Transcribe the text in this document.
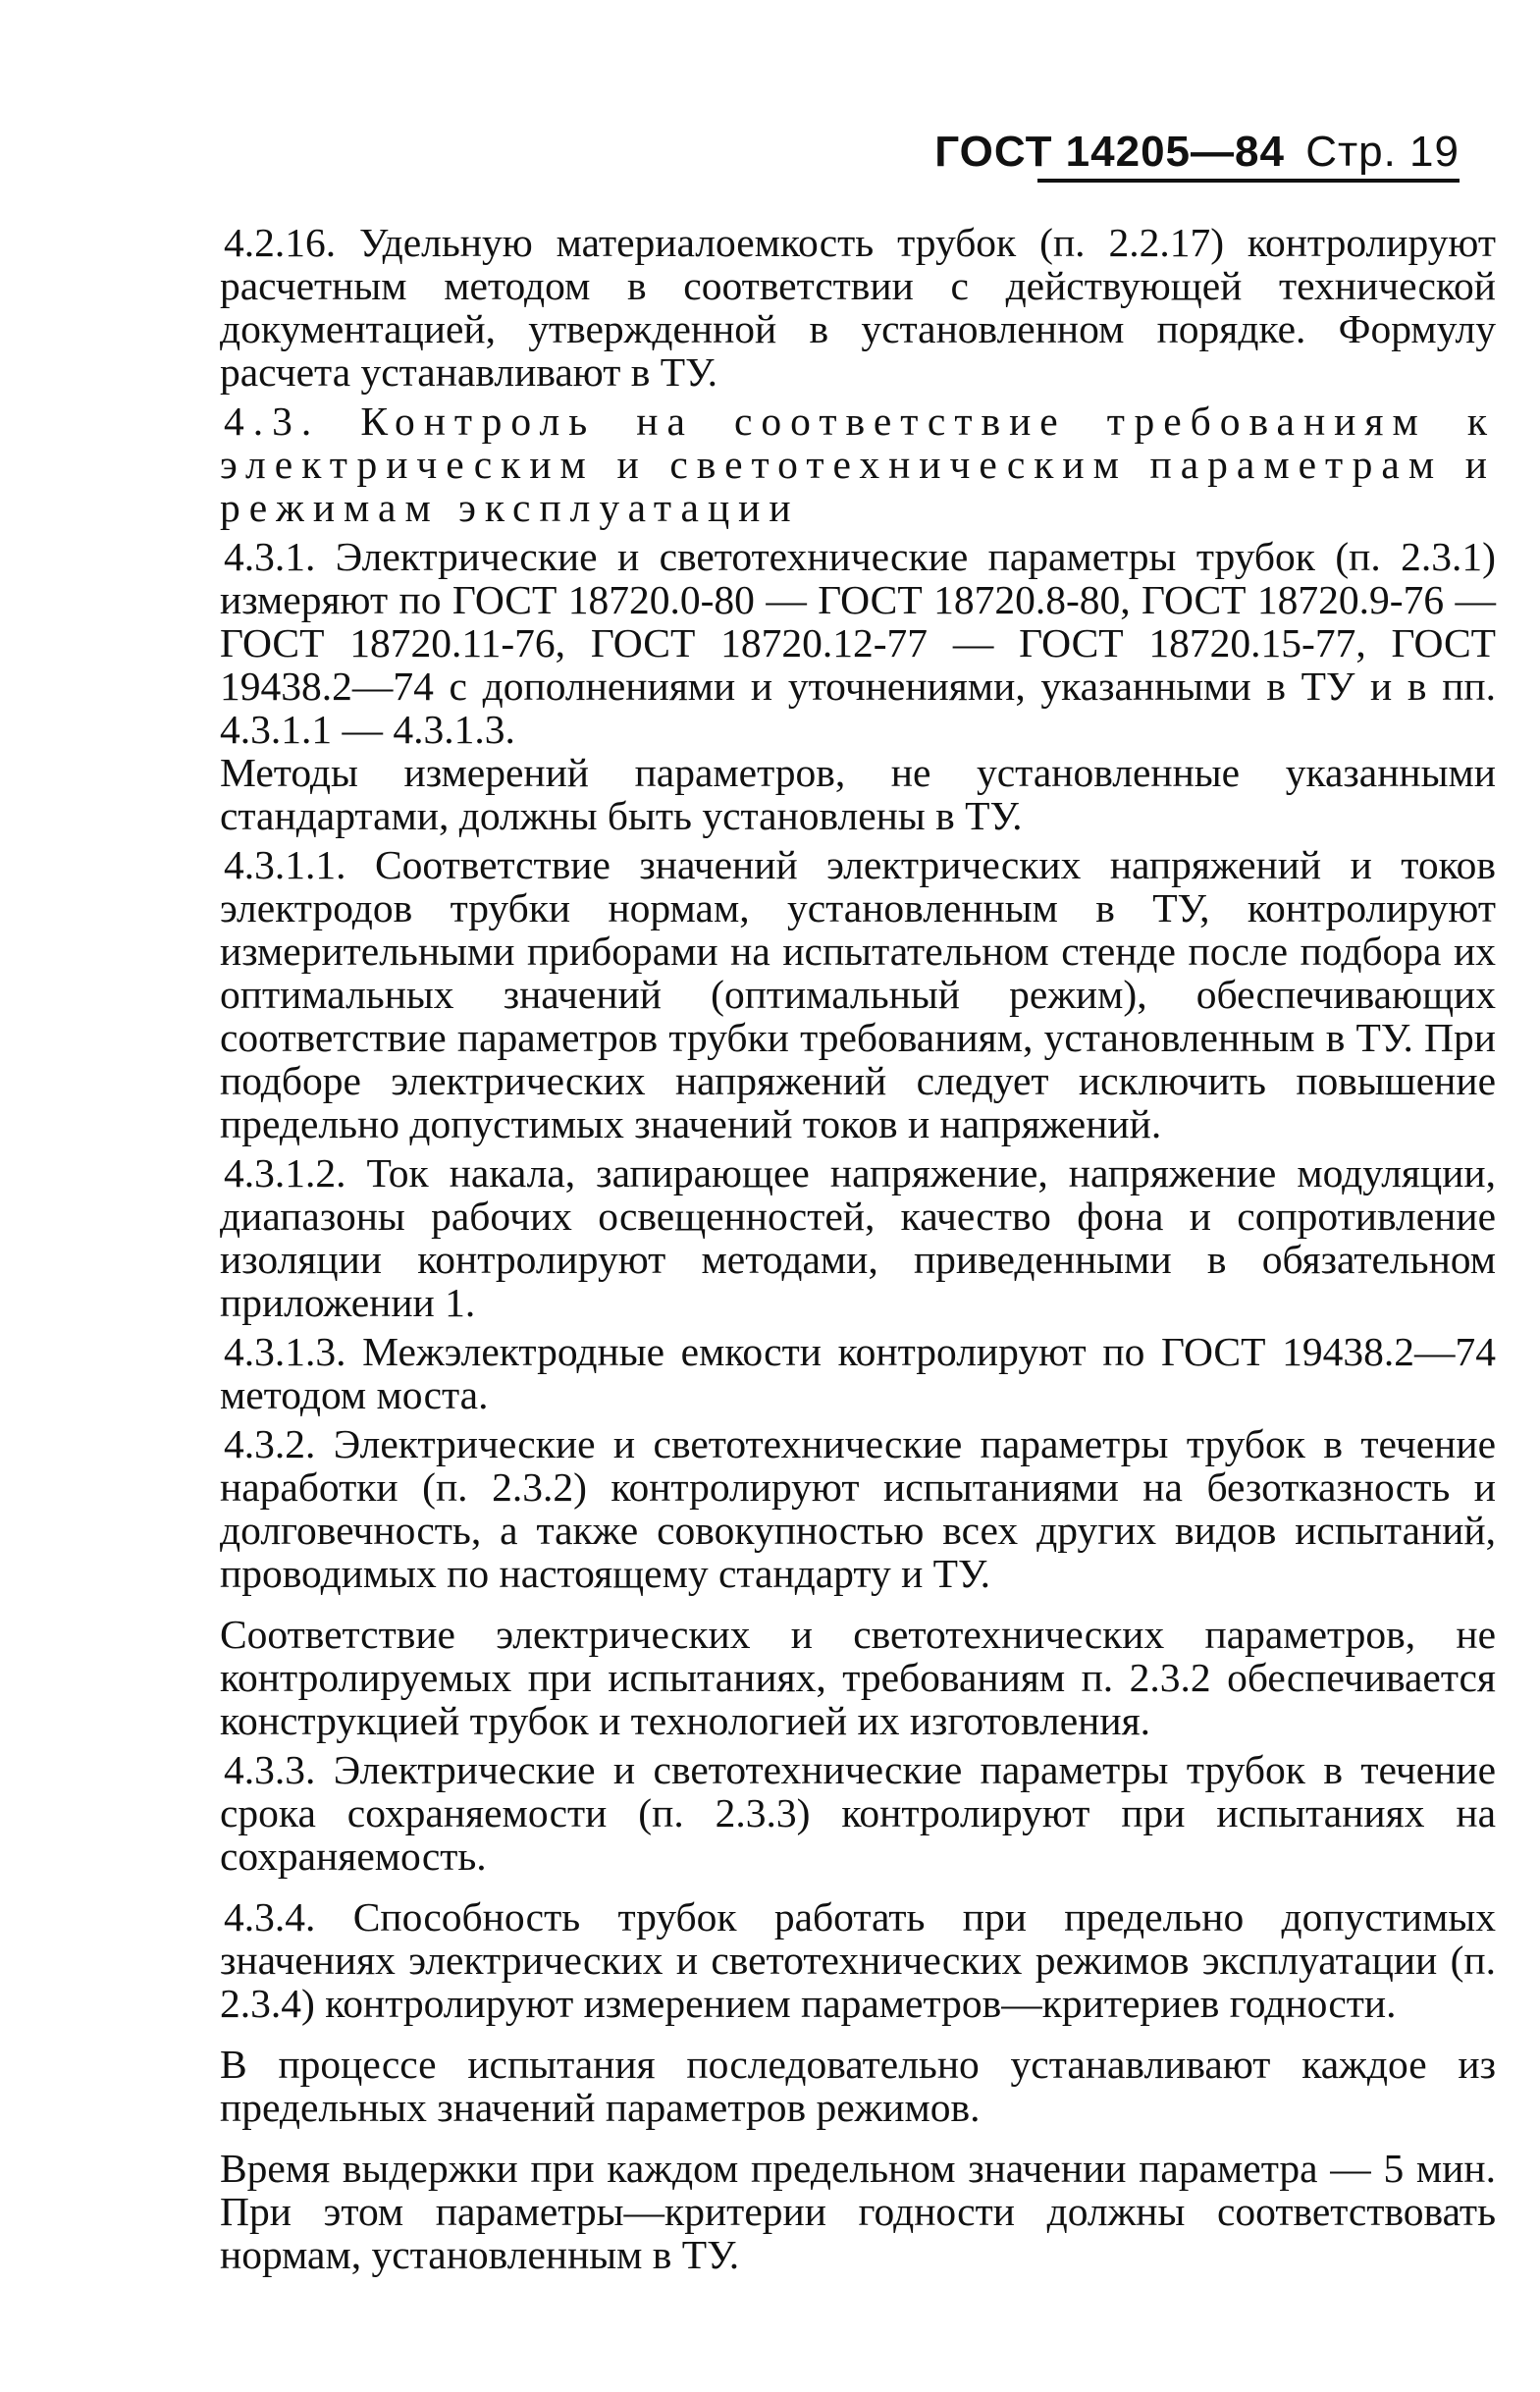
ГОСТ 14205—84 Стр. 19

4.2.16. Удельную материалоемкость трубок (п. 2.2.17) контролируют расчетным методом в соответствии с действующей технической документацией, утвержденной в установленном порядке. Формулу расчета устанавливают в ТУ.

4.3. Контроль на соответствие требованиям к электрическим и светотехническим параметрам и режимам эксплуатации

4.3.1. Электрические и светотехнические параметры трубок (п. 2.3.1) измеряют по ГОСТ 18720.0-80 — ГОСТ 18720.8-80, ГОСТ 18720.9-76 — ГОСТ 18720.11-76, ГОСТ 18720.12-77 — ГОСТ 18720.15-77, ГОСТ 19438.2—74 с дополнениями и уточнениями, указанными в ТУ и в пп. 4.3.1.1 — 4.3.1.3.

Методы измерений параметров, не установленные указанными стандартами, должны быть установлены в ТУ.

4.3.1.1. Соответствие значений электрических напряжений и токов электродов трубки нормам, установленным в ТУ, контролируют измерительными приборами на испытательном стенде после подбора их оптимальных значений (оптимальный режим), обеспечивающих соответствие параметров трубки требованиям, установленным в ТУ. При подборе электрических напряжений следует исключить повышение предельно допустимых значений токов и напряжений.

4.3.1.2. Ток накала, запирающее напряжение, напряжение модуляции, диапазоны рабочих освещенностей, качество фона и сопротивление изоляции контролируют методами, приведенными в обязательном приложении 1.

4.3.1.3. Межэлектродные емкости контролируют по ГОСТ 19438.2—74 методом моста.

4.3.2. Электрические и светотехнические параметры трубок в течение наработки (п. 2.3.2) контролируют испытаниями на безотказность и долговечность, а также совокупностью всех других видов испытаний, проводимых по настоящему стандарту и ТУ.

Соответствие электрических и светотехнических параметров, не контролируемых при испытаниях, требованиям п. 2.3.2 обеспечивается конструкцией трубок и технологией их изготовления.

4.3.3. Электрические и светотехнические параметры трубок в течение срока сохраняемости (п. 2.3.3) контролируют при испытаниях на сохраняемость.

4.3.4. Способность трубок работать при предельно допустимых значениях электрических и светотехнических режимов эксплуатации (п. 2.3.4) контролируют измерением параметров—критериев годности.

В процессе испытания последовательно устанавливают каждое из предельных значений параметров режимов.

Время выдержки при каждом предельном значении параметра — 5 мин. При этом параметры—критерии годности должны соответствовать нормам, установленным в ТУ.
